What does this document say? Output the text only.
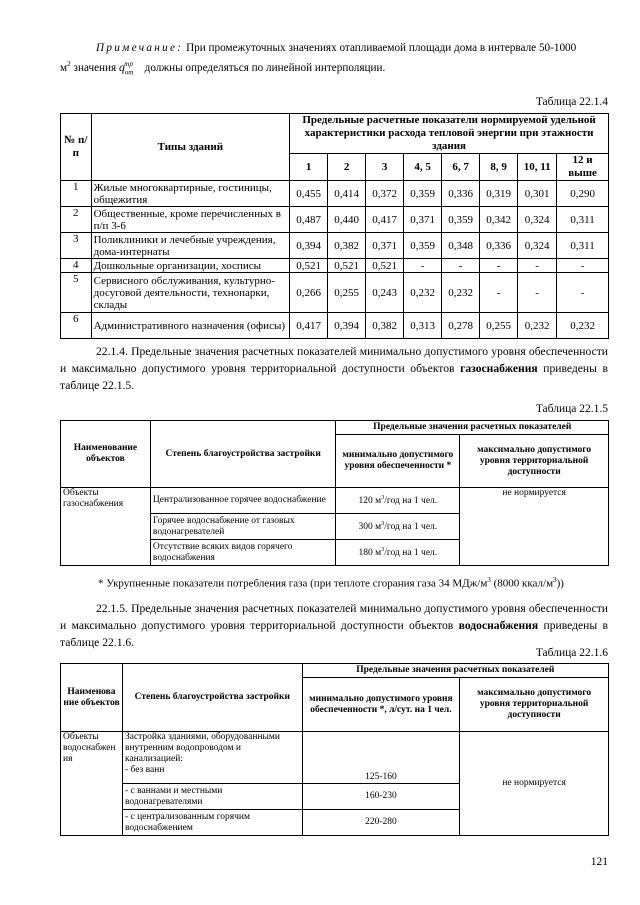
Примечание: При промежуточных значениях отапливаемой площади дома в интервале 50-1000
$м^2$ значения $q_{от}^{тр}$ должны определяться по линейной интерполяции.
Таблица 22.1.4
№ п/п	Типы зданий	Предельные расчетные показатели нормируемой удельной характеристики расхода тепловой энергии при этажности здания							
		1	2	3	4, 5	6, 7	8, 9	10, 11	12 и выше
1	Жилые многоквартирные, гостиницы, общежития	0,455	0,414	0,372	0,359	0,336	0,319	0,301	0,290
2	Общественные, кроме перечисленных в п/п 3-6	0,487	0,440	0,417	0,371	0,359	0,342	0,324	0,311
3	Поликлиники и лечебные учреждения, дома-интернаты	0,394	0,382	0,371	0,359	0,348	0,336	0,324	0,311
4	Дошкольные организации, хосписы	0,521	0,521	0,521	-	-	-	-	-
5	Сервисного обслуживания, культурно-досуговой деятельности, технопарки, склады	0,266	0,255	0,243	0,232	0,232	-	-	-
6	Административного назначения (офисы)	0,417	0,394	0,382	0,313	0,278	0,255	0,232	0,232
22.1.4. Предельные значения расчетных показателей минимально допустимого уровня обеспеченности и максимально допустимого уровня территориальной доступности объектов газоснабжения приведены в таблице 22.1.5.
Таблица 22.1.5
Наименование объектов	Степень благоустройства застройки	Предельные значения расчетных показателей	
		минимально допустимого уровня обеспеченности *	максимально допустимого уровня территориальной доступности
Объекты газоснабжения	Централизованное горячее водоснабжение	120 $м^3$/год на 1 чел.	не нормируется
	Горячее водоснабжение от газовых водонагревателей	300 $м^3$/год на 1 чел.	
	Отсутствие всяких видов горячего водоснабжения	180 $м^3$/год на 1 чел.	
* Укрупненные показатели потребления газа (при теплоте сгорания газа 34 МДж/$м^3$ (8000 ккал/$м^3$))
22.1.5. Предельные значения расчетных показателей минимально допустимого уровня обеспеченности и максимально допустимого уровня территориальной доступности объектов водоснабжения приведены в таблице 22.1.6.
Таблица 22.1.6
Наименова ние объектов	Степень благоустройства застройки	Предельные значения расчетных показателей	
		минимально допустимого уровня обеспеченности *, л/сут. на 1 чел.	максимально допустимого уровня территориальной доступности
Объекты водоснабжен ия	Застройка зданиями, оборудованными внутренним водопроводом и канализацией:
- без ванн	125-160	не нормируется
	- с ваннами и местными водонагревателями	160-230	
	- с централизованным горячим водоснабжением	220-280	
121
